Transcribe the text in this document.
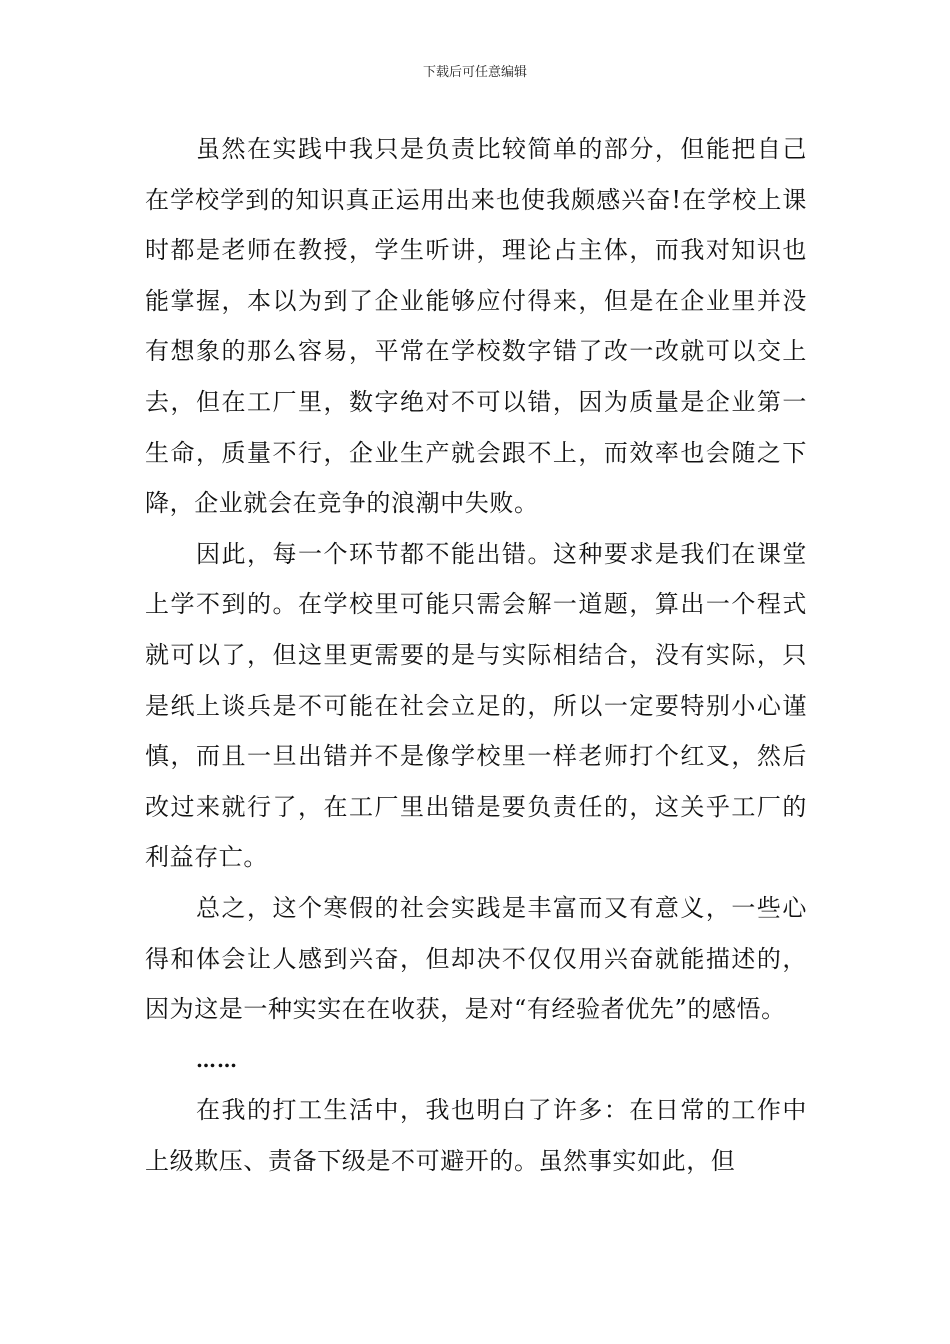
下载后可任意编辑

虽然在实践中我只是负责比较简单的部分，但能把自己在学校学到的知识真正运用出来也使我颇感兴奋!在学校上课时都是老师在教授，学生听讲，理论占主体，而我对知识也能掌握，本以为到了企业能够应付得来，但是在企业里并没有想象的那么容易，平常在学校数字错了改一改就可以交上去，但在工厂里，数字绝对不可以错，因为质量是企业第一生命，质量不行，企业生产就会跟不上，而效率也会随之下降，企业就会在竞争的浪潮中失败。

因此，每一个环节都不能出错。这种要求是我们在课堂上学不到的。在学校里可能只需会解一道题，算出一个程式就可以了，但这里更需要的是与实际相结合，没有实际，只是纸上谈兵是不可能在社会立足的，所以一定要特别小心谨慎，而且一旦出错并不是像学校里一样老师打个红叉，然后改过来就行了，在工厂里出错是要负责任的，这关乎工厂的利益存亡。

总之，这个寒假的社会实践是丰富而又有意义，一些心得和体会让人感到兴奋，但却决不仅仅用兴奋就能描述的，因为这是一种实实在在收获，是对“有经验者优先”的感悟。

……

在我的打工生活中，我也明白了许多：在日常的工作中上级欺压、责备下级是不可避开的。虽然事实如此，但
